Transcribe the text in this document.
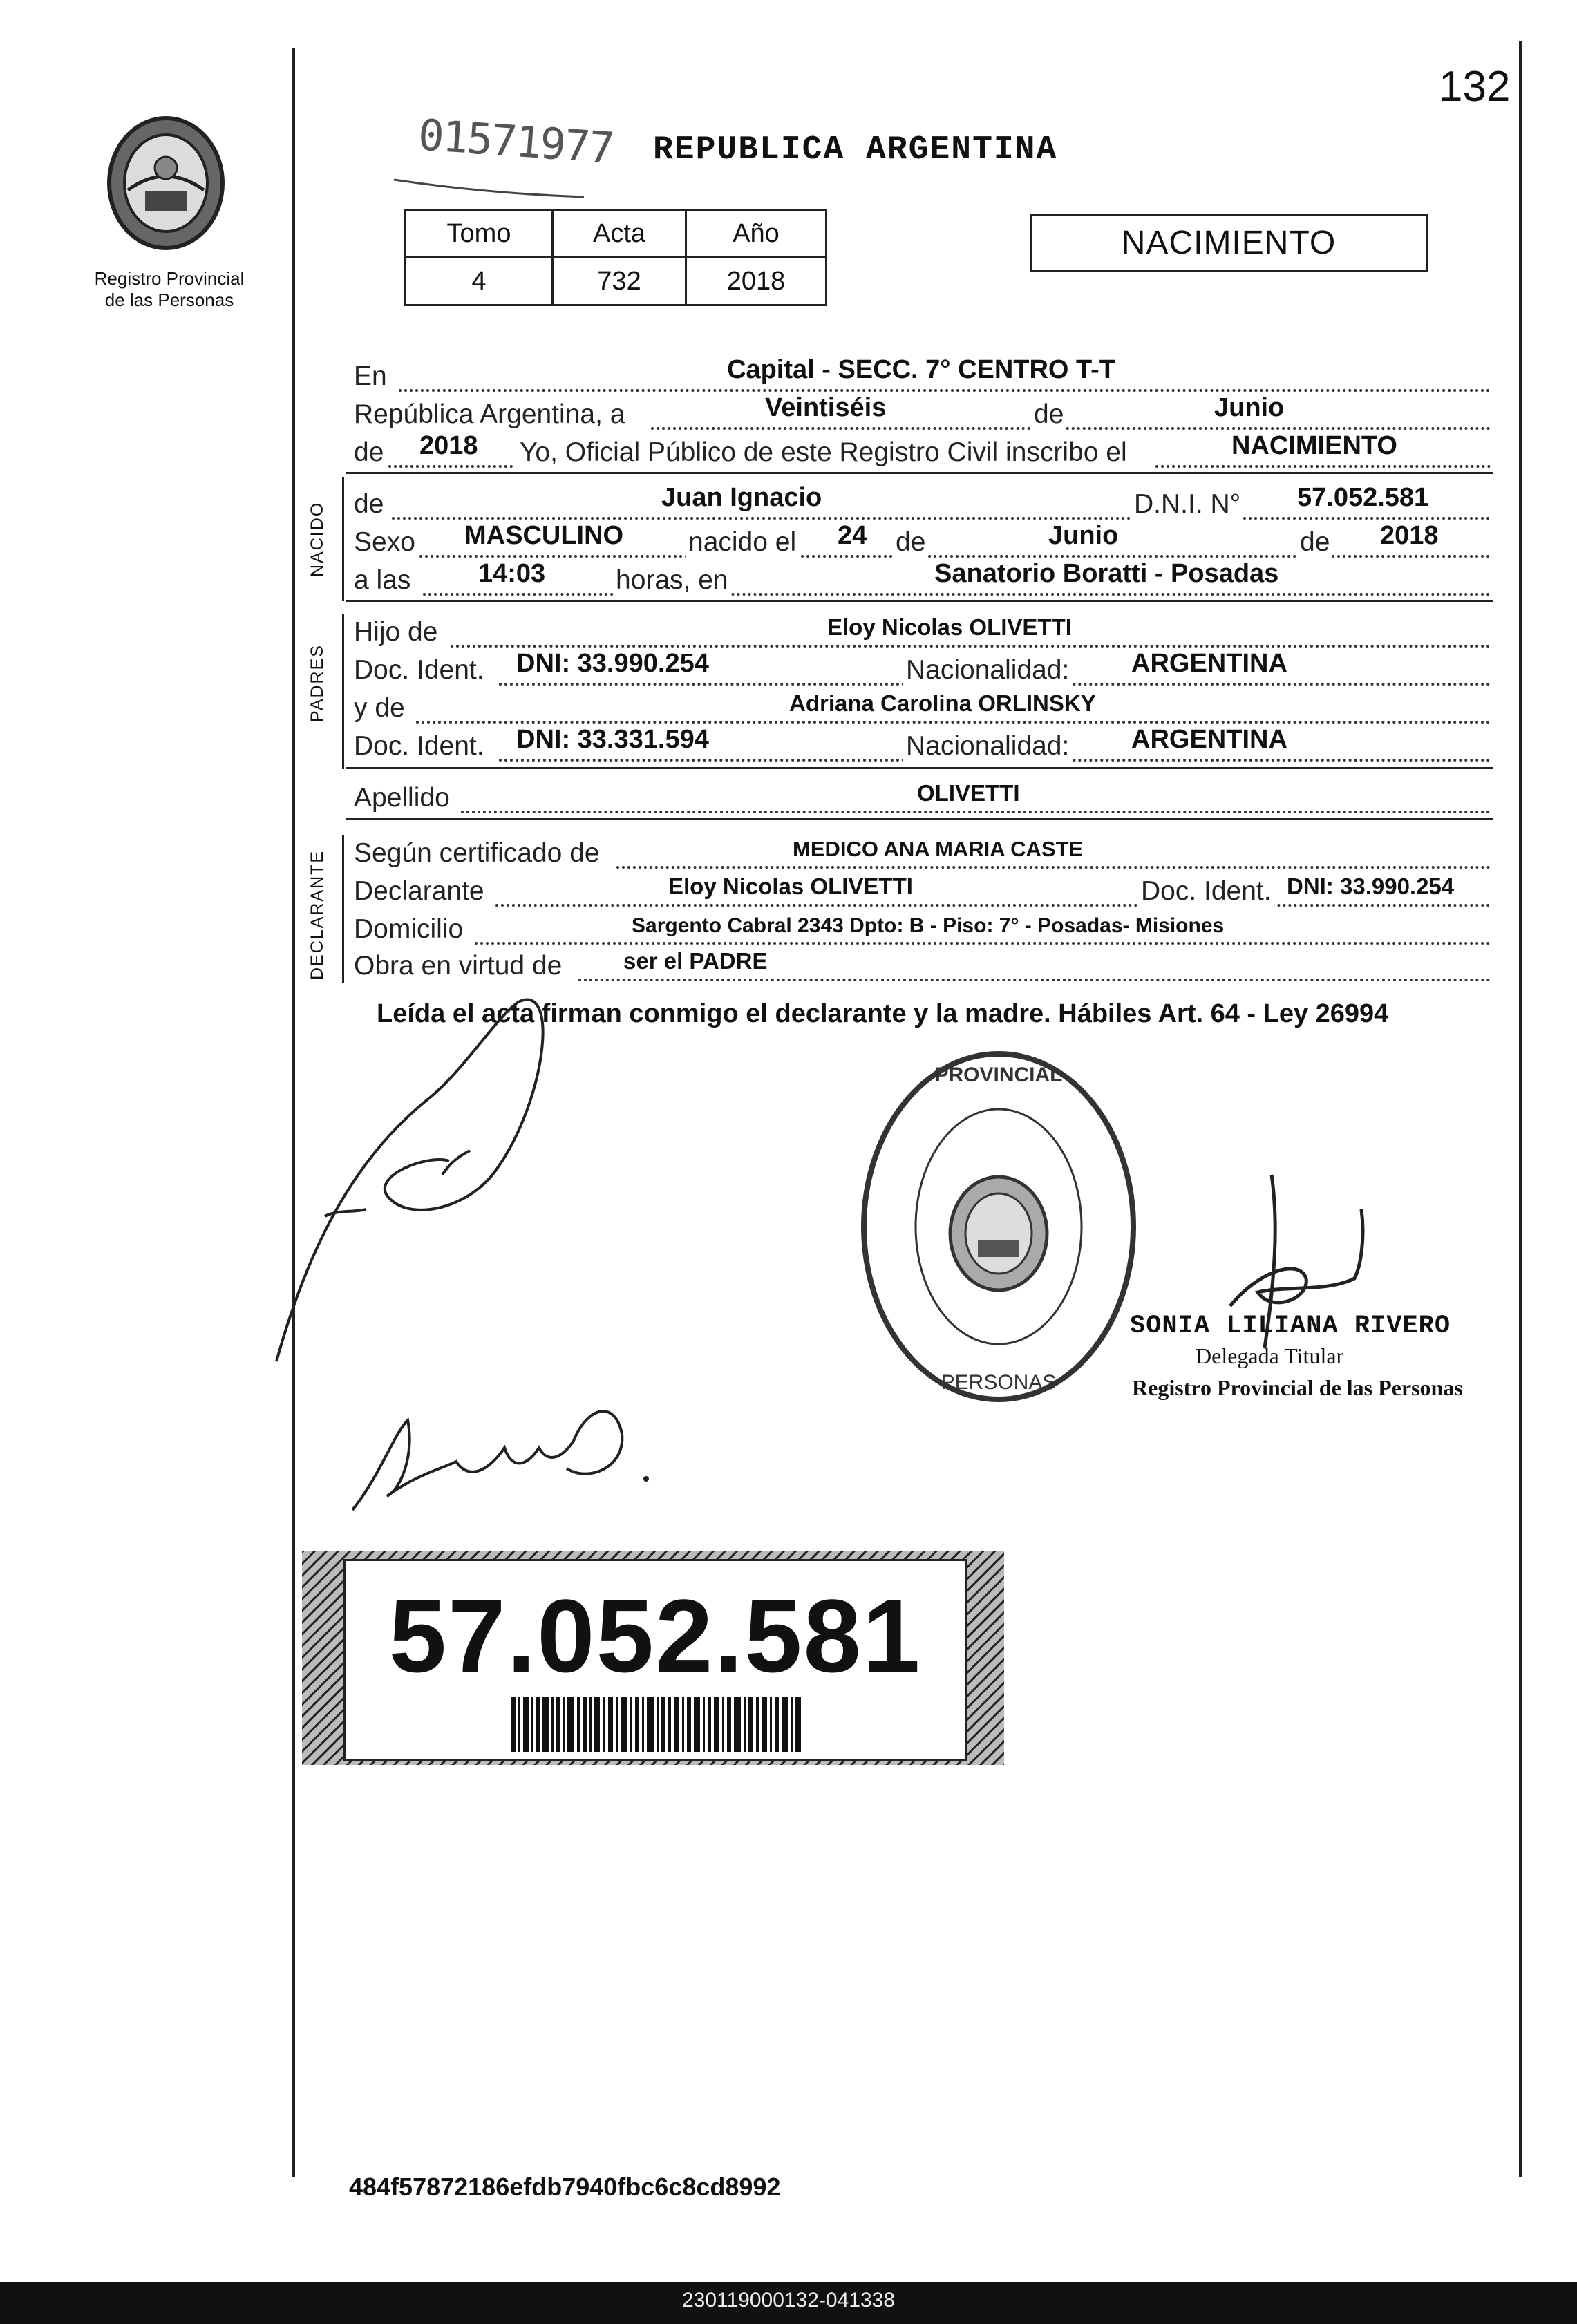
132
01571977 REPUBLICA ARGENTINA
Registro Provincial
de las Personas
Tomo	Acta	Año
4	732	2018
NACIMIENTO
En	Capital - SECC. 7° CENTRO T-T
República Argentina, a	Veintiséis	de	Junio
de 2018 Yo, Oficial Público de este Registro Civil inscribo el	NACIMIENTO
NACIDO de	Juan Ignacio	D.N.I. N° 57.052.581
Sexo MASCULINO nacido el 24 de	Junio	de 2018
a las	14:03	horas, en	Sanatorio Boratti - Posadas
PADRES
Hijo de	Eloy Nicolas OLIVETTI
Doc. Ident. DNI: 33.990.254	Nacionalidad: ARGENTINA
y de	Adriana Carolina ORLINSKY
Doc. Ident. DNI: 33.331.594	Nacionalidad: ARGENTINA
Apellido	OLIVETTI
DECLARANTE Según certificado de	MEDICO ANA MARIA CASTE
Declarante	Eloy Nicolas OLIVETTI	Doc. Ident. DNI: 33.990.254
Domicilio	Sargento Cabral 2343 Dpto: B - Piso: 7° - Posadas- Misiones
Obra en virtud de	ser el PADRE
Leída el acta firman conmigo el declarante y la madre. Hábiles Art. 64 - Ley 26994
PROVINCIAL
PERSONAS
SONIA LILIANA RIVERO
Delegada Titular
Registro Provincial de las Personas
57.052.581
484f57872186efdb7940fbc6c8cd8992
230119000132-041338
